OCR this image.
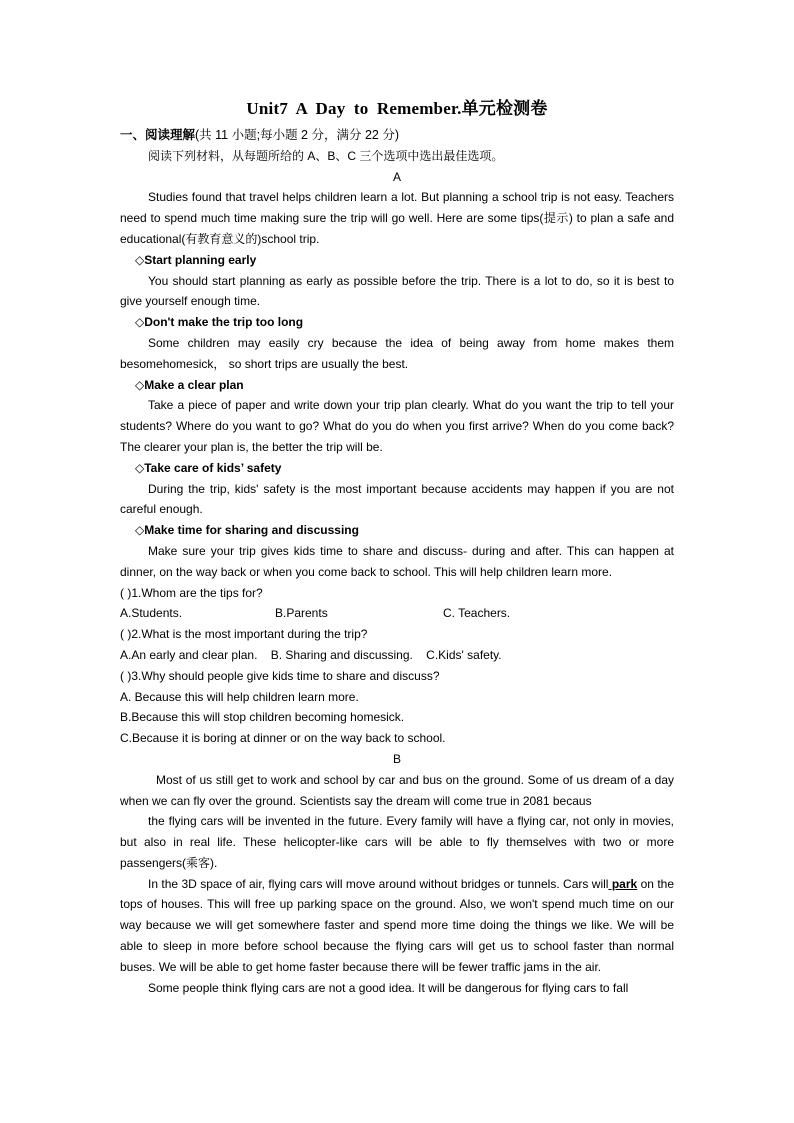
Unit7 A Day to Remember.单元检测卷

一、阅读理解(共 11 小题;每小题 2 分，满分 22 分)

阅读下列材料，从每题所给的 A、B、C 三个选项中选出最佳选项。

A

Studies found that travel helps children learn a lot. But planning a school trip is not easy. Teachers need to spend much time making sure the trip will go well. Here are some tips(提示) to plan a safe and educational(有教育意义的)school trip.

◇Start planning early

You should start planning as early as possible before the trip. There is a lot to do, so it is best to give yourself enough time.

◇Don't make the trip too long

Some children may easily cry because the idea of being away from home makes them besomehomesick， so short trips are usually the best.

◇Make a clear plan

Take a piece of paper and write down your trip plan clearly. What do you want the trip to tell your students? Where do you want to go? What do you do when you first arrive? When do you come back? The clearer your plan is, the better the trip will be.

◇Take care of kids’ safety

During the trip, kids' safety is the most important because accidents may happen if you are not careful enough.

◇Make time for sharing and discussing

Make sure your trip gives kids time to share and discuss- during and after. This can happen at dinner, on the way back or when you come back to school. This will help children learn more.

( )1.Whom are the tips for?

A.Students.	B.Parents	C. Teachers.

( )2.What is the most important during the trip?

A.An early and clear plan.    B. Sharing and discussing.    C.Kids' safety.

( )3.Why should people give kids time to share and discuss?

A. Because this will help children learn more.

B.Because this will stop children becoming homesick.

C.Because it is boring at dinner or on the way back to school.

B

Most of us still get to work and school by car and bus on the ground. Some of us dream of a day when we can fly over the ground. Scientists say the dream will come true in 2081 becaus

the flying cars will be invented in the future. Every family will have a flying car, not only in movies, but also in real life. These helicopter-like cars will be able to fly themselves with two or more passengers(乘客).

In the 3D space of air, flying cars will move around without bridges or tunnels. Cars will park on the tops of houses. This will free up parking space on the ground. Also, we won't spend much time on our way because we will get somewhere faster and spend more time doing the things we like. We will be able to sleep in more before school because the flying cars will get us to school faster than normal buses. We will be able to get home faster because there will be fewer traffic jams in the air.

Some people think flying cars are not a good idea. It will be dangerous for flying cars to fall
